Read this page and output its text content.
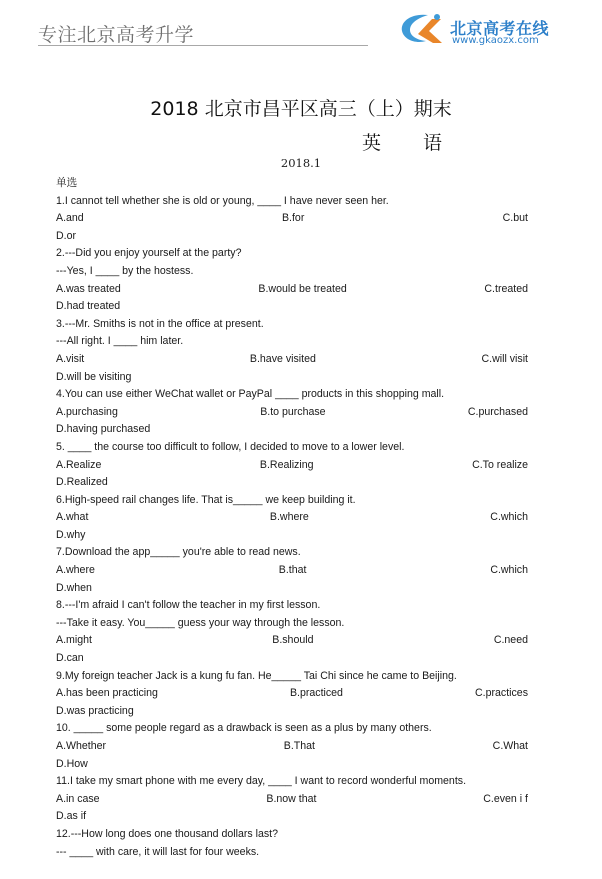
专注北京高考升学	北京高考在线
www.gkaozx.com
2018 北京市昌平区高三（上）期末
英语
2018.1
单选
1.I cannot tell whether she is old or young, ____ I have never seen her.
A.and	B.for	C.but
D.or
2.---Did you enjoy yourself at the party?
---Yes, I ____ by the hostess.
A.was treated	B.would be treated	C.treated
D.had treated
3.---Mr. Smiths is not in the office at present.
---All right. I ____ him later.
A.visit	B.have visited	C.will visit
D.will be visiting
4.You can use either WeChat wallet or PayPal ____ products in this shopping mall.
A.purchasing	B.to purchase	C.purchased
D.having purchased
5. ____ the course too difficult to follow, I decided to move to a lower level.
A.Realize	B.Realizing	C.To realize
D.Realized
6.High-speed rail changes life. That is_____ we keep building it.
A.what	B.where	C.which
D.why
7.Download the app_____ you're able to read news.
A.where	B.that	C.which
D.when
8.---I'm afraid I can't follow the teacher in my first lesson.
---Take it easy. You_____ guess your way through the lesson.
A.might	B.should	C.need
D.can
9.My foreign teacher Jack is a kung fu fan. He_____ Tai Chi since he came to Beijing.
A.has been practicing	B.practiced	C.practices
D.was practicing
10. _____ some people regard as a drawback is seen as a plus by many others.
A.Whether	B.That	C.What
D.How
11.I take my smart phone with me every day, ____ I want to record wonderful moments.
A.in case	B.now that	C.even i f
D.as if
12.---How long does one thousand dollars last?
--- ____ with care, it will last for four weeks.
